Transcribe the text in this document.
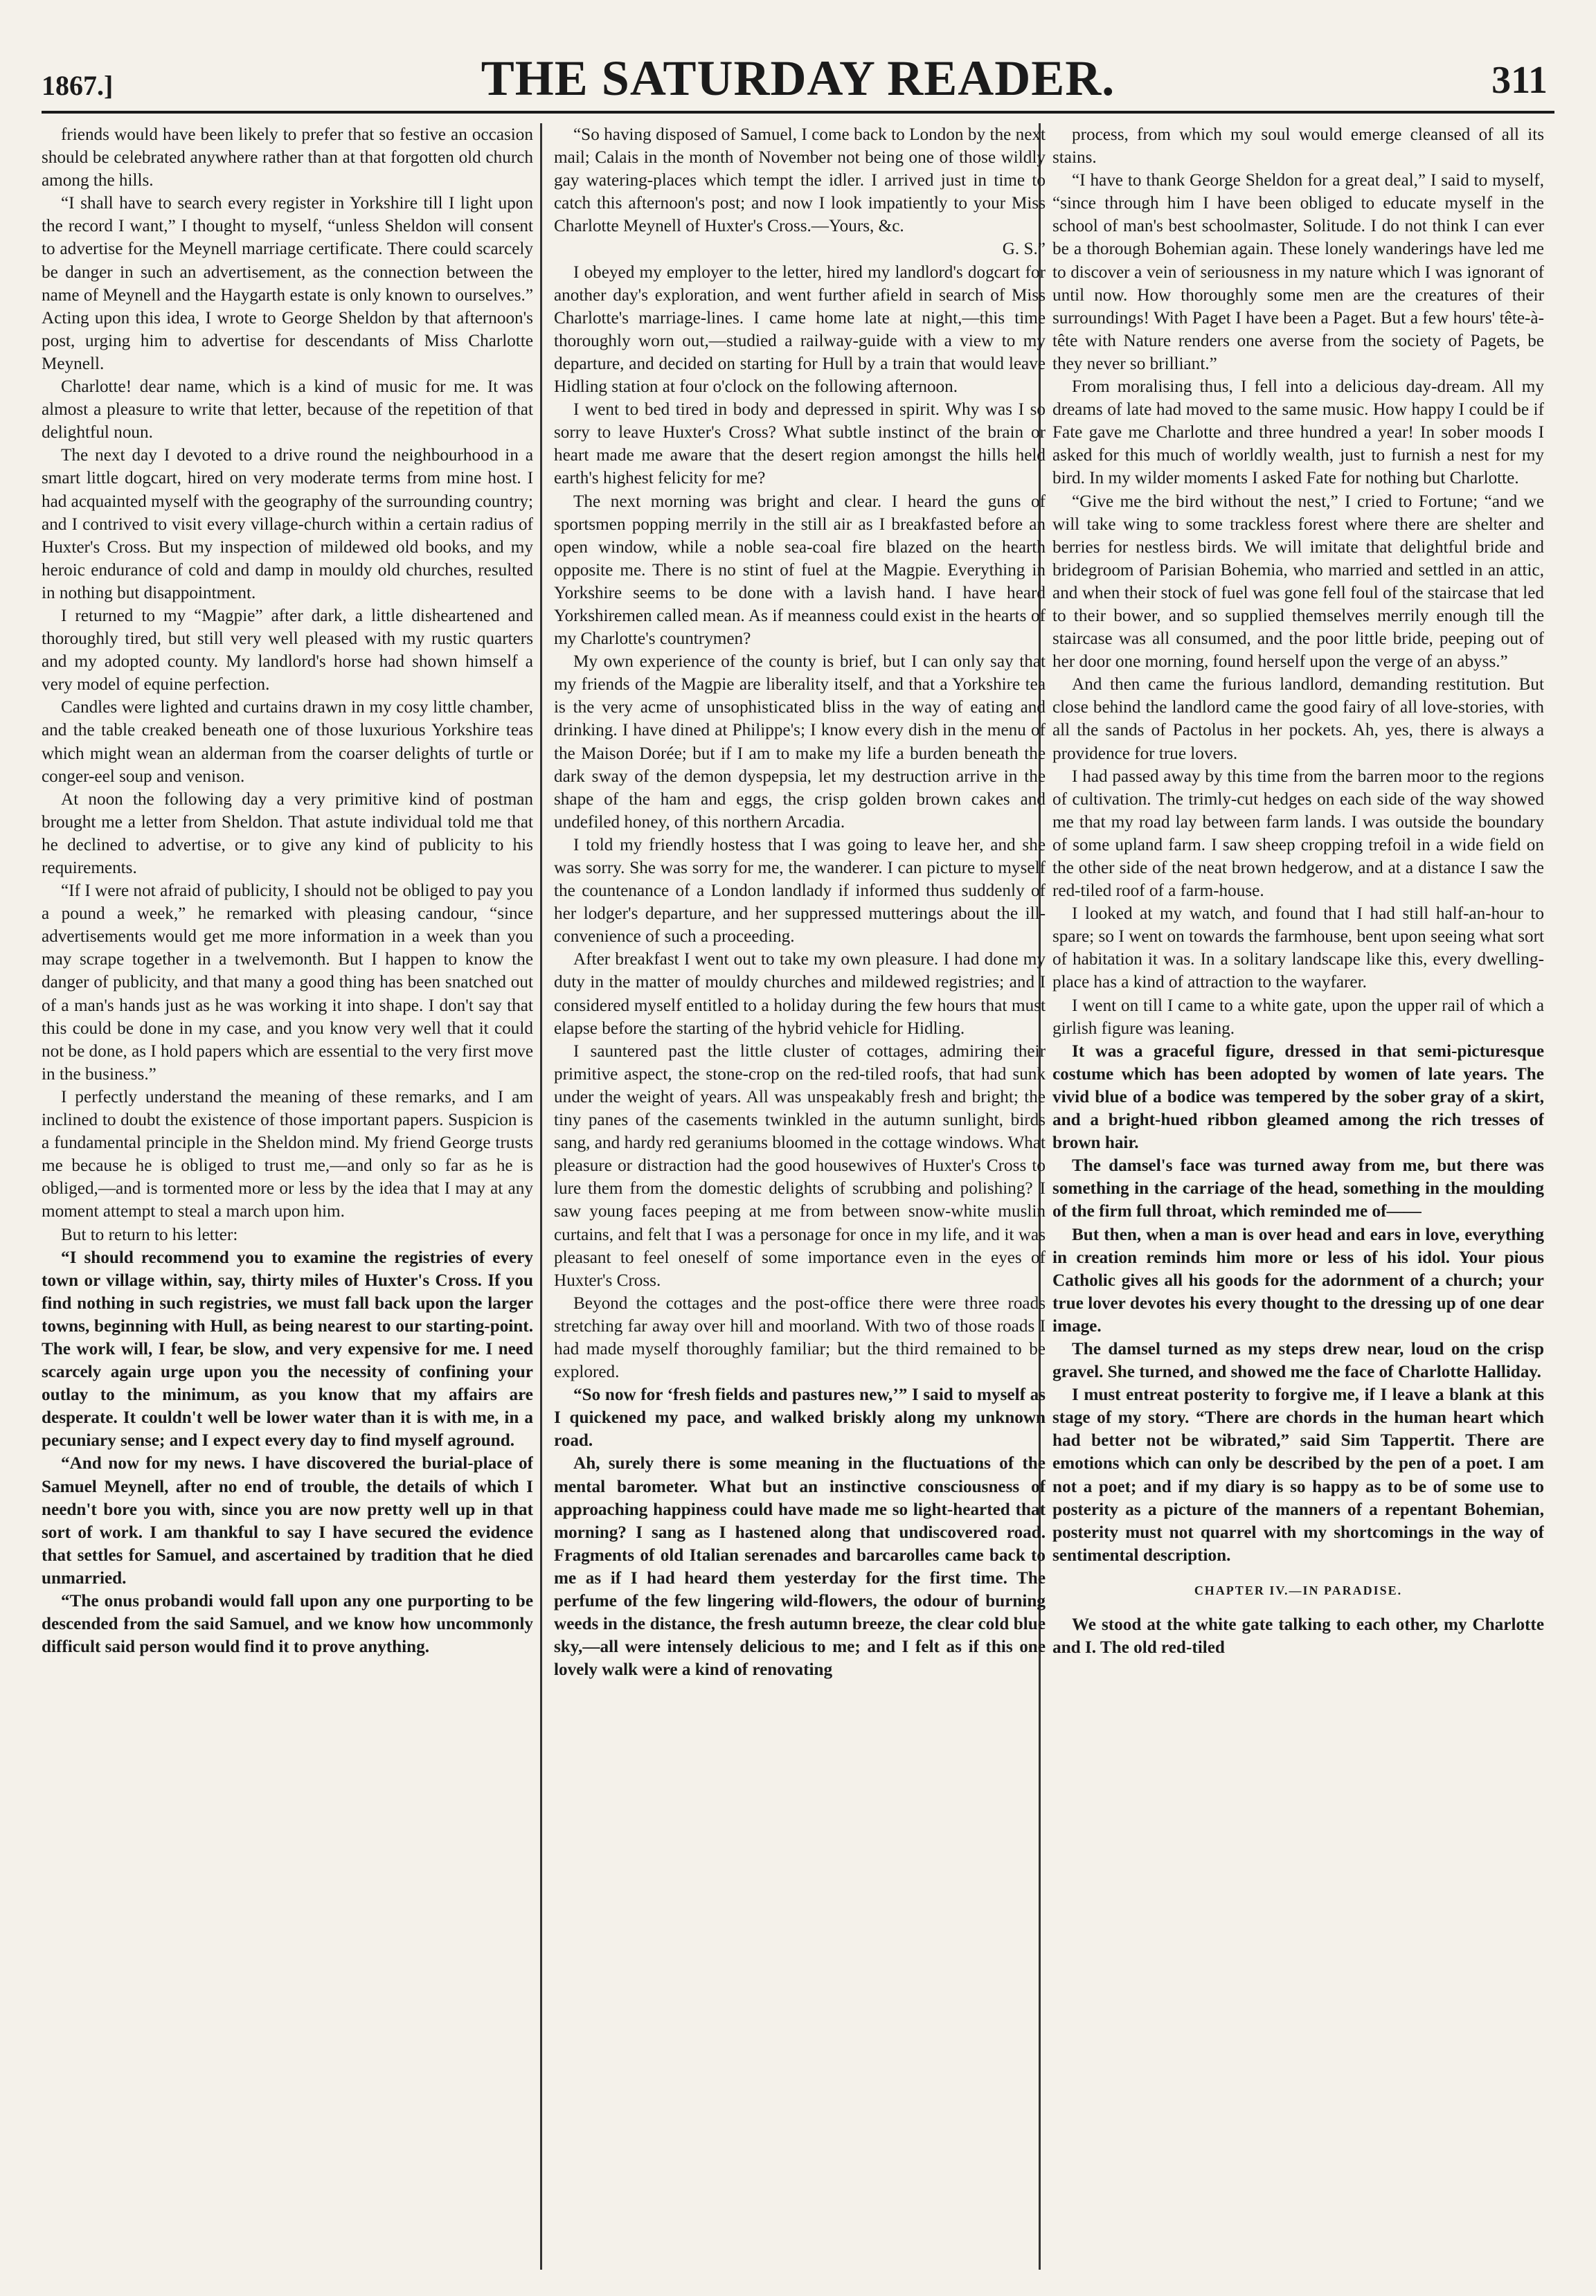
1867.]	THE SATURDAY READER.	311

friends would have been likely to prefer that so festive an occasion should be celebrated anywhere rather than at that forgotten old church among the hills.

“I shall have to search every register in Yorkshire till I light upon the record I want,” I thought to myself, “unless Sheldon will consent to advertise for the Meynell marriage certificate. There could scarcely be danger in such an advertisement, as the connection between the name of Meynell and the Haygarth estate is only known to ourselves.” Acting upon this idea, I wrote to George Sheldon by that afternoon's post, urging him to advertise for descendants of Miss Charlotte Meynell.

Charlotte! dear name, which is a kind of music for me. It was almost a pleasure to write that letter, because of the repetition of that delightful noun.

The next day I devoted to a drive round the neighbourhood in a smart little dogcart, hired on very moderate terms from mine host. I had acquainted myself with the geography of the surrounding country; and I contrived to visit every village-church within a certain radius of Huxter's Cross. But my inspection of mildewed old books, and my heroic endurance of cold and damp in mouldy old churches, resulted in nothing but disappointment.

I returned to my “Magpie” after dark, a little disheartened and thoroughly tired, but still very well pleased with my rustic quarters and my adopted county. My landlord's horse had shown himself a very model of equine perfection.

Candles were lighted and curtains drawn in my cosy little chamber, and the table creaked beneath one of those luxurious Yorkshire teas which might wean an alderman from the coarser delights of turtle or conger-eel soup and venison.

At noon the following day a very primitive kind of postman brought me a letter from Sheldon. That astute individual told me that he declined to advertise, or to give any kind of publicity to his requirements.

“If I were not afraid of publicity, I should not be obliged to pay you a pound a week,” he remarked with pleasing candour, “since advertisements would get me more information in a week than you may scrape together in a twelvemonth. But I happen to know the danger of publicity, and that many a good thing has been snatched out of a man's hands just as he was working it into shape. I don't say that this could be done in my case, and you know very well that it could not be done, as I hold papers which are essential to the very first move in the business.”

I perfectly understand the meaning of these remarks, and I am inclined to doubt the existence of those important papers. Suspicion is a fundamental principle in the Sheldon mind. My friend George trusts me because he is obliged to trust me,—and only so far as he is obliged,—and is tormented more or less by the idea that I may at any moment attempt to steal a march upon him.

But to return to his letter:

“I should recommend you to examine the registries of every town or village within, say, thirty miles of Huxter's Cross. If you find nothing in such registries, we must fall back upon the larger towns, beginning with Hull, as being nearest to our starting-point. The work will, I fear, be slow, and very expensive for me. I need scarcely again urge upon you the necessity of confining your outlay to the minimum, as you know that my affairs are desperate. It couldn't well be lower water than it is with me, in a pecuniary sense; and I expect every day to find myself aground.

“And now for my news. I have discovered the burial-place of Samuel Meynell, after no end of trouble, the details of which I needn't bore you with, since you are now pretty well up in that sort of work. I am thankful to say I have secured the evidence that settles for Samuel, and ascertained by tradition that he died unmarried.

“The onus probandi would fall upon any one purporting to be descended from the said Samuel, and we know how uncommonly difficult said person would find it to prove anything.

“So having disposed of Samuel, I come back to London by the next mail; Calais in the month of November not being one of those wildly gay watering-places which tempt the idler. I arrived just in time to catch this afternoon's post; and now I look impatiently to your Miss Charlotte Meynell of Huxter's Cross.—Yours, &c.

G. S.”

I obeyed my employer to the letter, hired my landlord's dogcart for another day's exploration, and went further afield in search of Miss Charlotte's marriage-lines. I came home late at night,—this time thoroughly worn out,—studied a railway-guide with a view to my departure, and decided on starting for Hull by a train that would leave Hidling station at four o'clock on the following afternoon.

I went to bed tired in body and depressed in spirit. Why was I so sorry to leave Huxter's Cross? What subtle instinct of the brain or heart made me aware that the desert region amongst the hills held earth's highest felicity for me?

The next morning was bright and clear. I heard the guns of sportsmen popping merrily in the still air as I breakfasted before an open window, while a noble sea-coal fire blazed on the hearth opposite me. There is no stint of fuel at the Magpie. Everything in Yorkshire seems to be done with a lavish hand. I have heard Yorkshiremen called mean. As if meanness could exist in the hearts of my Charlotte's countrymen?

My own experience of the county is brief, but I can only say that my friends of the Magpie are liberality itself, and that a Yorkshire tea is the very acme of unsophisticated bliss in the way of eating and drinking. I have dined at Philippe's; I know every dish in the menu of the Maison Dorée; but if I am to make my life a burden beneath the dark sway of the demon dyspepsia, let my destruction arrive in the shape of the ham and eggs, the crisp golden brown cakes and undefiled honey, of this northern Arcadia.

I told my friendly hostess that I was going to leave her, and she was sorry. She was sorry for me, the wanderer. I can picture to myself the countenance of a London landlady if informed thus suddenly of her lodger's departure, and her suppressed mutterings about the ill-convenience of such a proceeding.

After breakfast I went out to take my own pleasure. I had done my duty in the matter of mouldy churches and mildewed registries; and I considered myself entitled to a holiday during the few hours that must elapse before the starting of the hybrid vehicle for Hidling.

I sauntered past the little cluster of cottages, admiring their primitive aspect, the stone-crop on the red-tiled roofs, that had sunk under the weight of years. All was unspeakably fresh and bright; the tiny panes of the casements twinkled in the autumn sunlight, birds sang, and hardy red geraniums bloomed in the cottage windows. What pleasure or distraction had the good housewives of Huxter's Cross to lure them from the domestic delights of scrubbing and polishing? I saw young faces peeping at me from between snow-white muslin curtains, and felt that I was a personage for once in my life, and it was pleasant to feel oneself of some importance even in the eyes of Huxter's Cross.

Beyond the cottages and the post-office there were three roads stretching far away over hill and moorland. With two of those roads I had made myself thoroughly familiar; but the third remained to be explored.

“So now for ‘fresh fields and pastures new,’” I said to myself as I quickened my pace, and walked briskly along my unknown road.

Ah, surely there is some meaning in the fluctuations of the mental barometer. What but an instinctive consciousness of approaching happiness could have made me so light-hearted that morning? I sang as I hastened along that undiscovered road. Fragments of old Italian serenades and barcarolles came back to me as if I had heard them yesterday for the first time. The perfume of the few lingering wild-flowers, the odour of burning weeds in the distance, the fresh autumn breeze, the clear cold blue sky,—all were intensely delicious to me; and I felt as if this one lovely walk were a kind of renovating

process, from which my soul would emerge cleansed of all its stains.

“I have to thank George Sheldon for a great deal,” I said to myself, “since through him I have been obliged to educate myself in the school of man's best schoolmaster, Solitude. I do not think I can ever be a thorough Bohemian again. These lonely wanderings have led me to discover a vein of seriousness in my nature which I was ignorant of until now. How thoroughly some men are the creatures of their surroundings! With Paget I have been a Paget. But a few hours' tête-à-tête with Nature renders one averse from the society of Pagets, be they never so brilliant.”

From moralising thus, I fell into a delicious day-dream. All my dreams of late had moved to the same music. How happy I could be if Fate gave me Charlotte and three hundred a year! In sober moods I asked for this much of worldly wealth, just to furnish a nest for my bird. In my wilder moments I asked Fate for nothing but Charlotte.

“Give me the bird without the nest,” I cried to Fortune; “and we will take wing to some trackless forest where there are shelter and berries for nestless birds. We will imitate that delightful bride and bridegroom of Parisian Bohemia, who married and settled in an attic, and when their stock of fuel was gone fell foul of the staircase that led to their bower, and so supplied themselves merrily enough till the staircase was all consumed, and the poor little bride, peeping out of her door one morning, found herself upon the verge of an abyss.”

And then came the furious landlord, demanding restitution. But close behind the landlord came the good fairy of all love-stories, with all the sands of Pactolus in her pockets. Ah, yes, there is always a providence for true lovers.

I had passed away by this time from the barren moor to the regions of cultivation. The trimly-cut hedges on each side of the way showed me that my road lay between farm lands. I was outside the boundary of some upland farm. I saw sheep cropping trefoil in a wide field on the other side of the neat brown hedgerow, and at a distance I saw the red-tiled roof of a farm-house.

I looked at my watch, and found that I had still half-an-hour to spare; so I went on towards the farmhouse, bent upon seeing what sort of habitation it was. In a solitary landscape like this, every dwelling-place has a kind of attraction to the wayfarer.

I went on till I came to a white gate, upon the upper rail of which a girlish figure was leaning.

It was a graceful figure, dressed in that semi-picturesque costume which has been adopted by women of late years. The vivid blue of a bodice was tempered by the sober gray of a skirt, and a bright-hued ribbon gleamed among the rich tresses of brown hair.

The damsel's face was turned away from me, but there was something in the carriage of the head, something in the moulding of the firm full throat, which reminded me of——

But then, when a man is over head and ears in love, everything in creation reminds him more or less of his idol. Your pious Catholic gives all his goods for the adornment of a church; your true lover devotes his every thought to the dressing up of one dear image.

The damsel turned as my steps drew near, loud on the crisp gravel. She turned, and showed me the face of Charlotte Halliday.

I must entreat posterity to forgive me, if I leave a blank at this stage of my story. “There are chords in the human heart which had better not be wibrated,” said Sim Tappertit. There are emotions which can only be described by the pen of a poet. I am not a poet; and if my diary is so happy as to be of some use to posterity as a picture of the manners of a repentant Bohemian, posterity must not quarrel with my shortcomings in the way of sentimental description.

CHAPTER IV.—IN PARADISE.

We stood at the white gate talking to each other, my Charlotte and I. The old red-tiled
